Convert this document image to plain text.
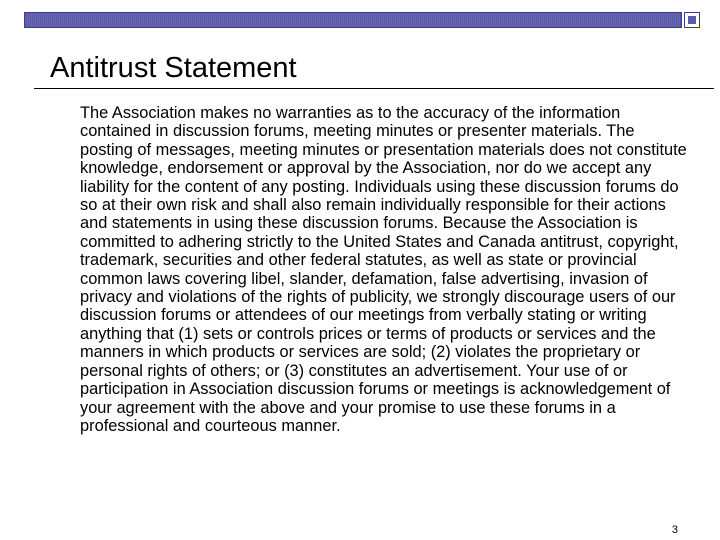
Antitrust Statement

The Association makes no warranties as to the accuracy of the information contained in discussion forums, meeting minutes or presenter materials. The posting of messages, meeting minutes or presentation materials does not constitute knowledge, endorsement or approval by the Association, nor do we accept any liability for the content of any posting. Individuals using these discussion forums do so at their own risk and shall also remain individually responsible for their actions and statements in using these discussion forums. Because the Association is committed to adhering strictly to the United States and Canada antitrust, copyright, trademark, securities and other federal statutes, as well as state or provincial common laws covering libel, slander, defamation, false advertising, invasion of privacy and violations of the rights of publicity, we strongly discourage users of our discussion forums or attendees of our meetings from verbally stating or writing anything that (1) sets or controls prices or terms of products or services and the manners in which products or services are sold; (2) violates the proprietary or personal rights of others; or (3) constitutes an advertisement. Your use of or participation in Association discussion forums or meetings is acknowledgement of your agreement with the above and your promise to use these forums in a professional and courteous manner.

3
